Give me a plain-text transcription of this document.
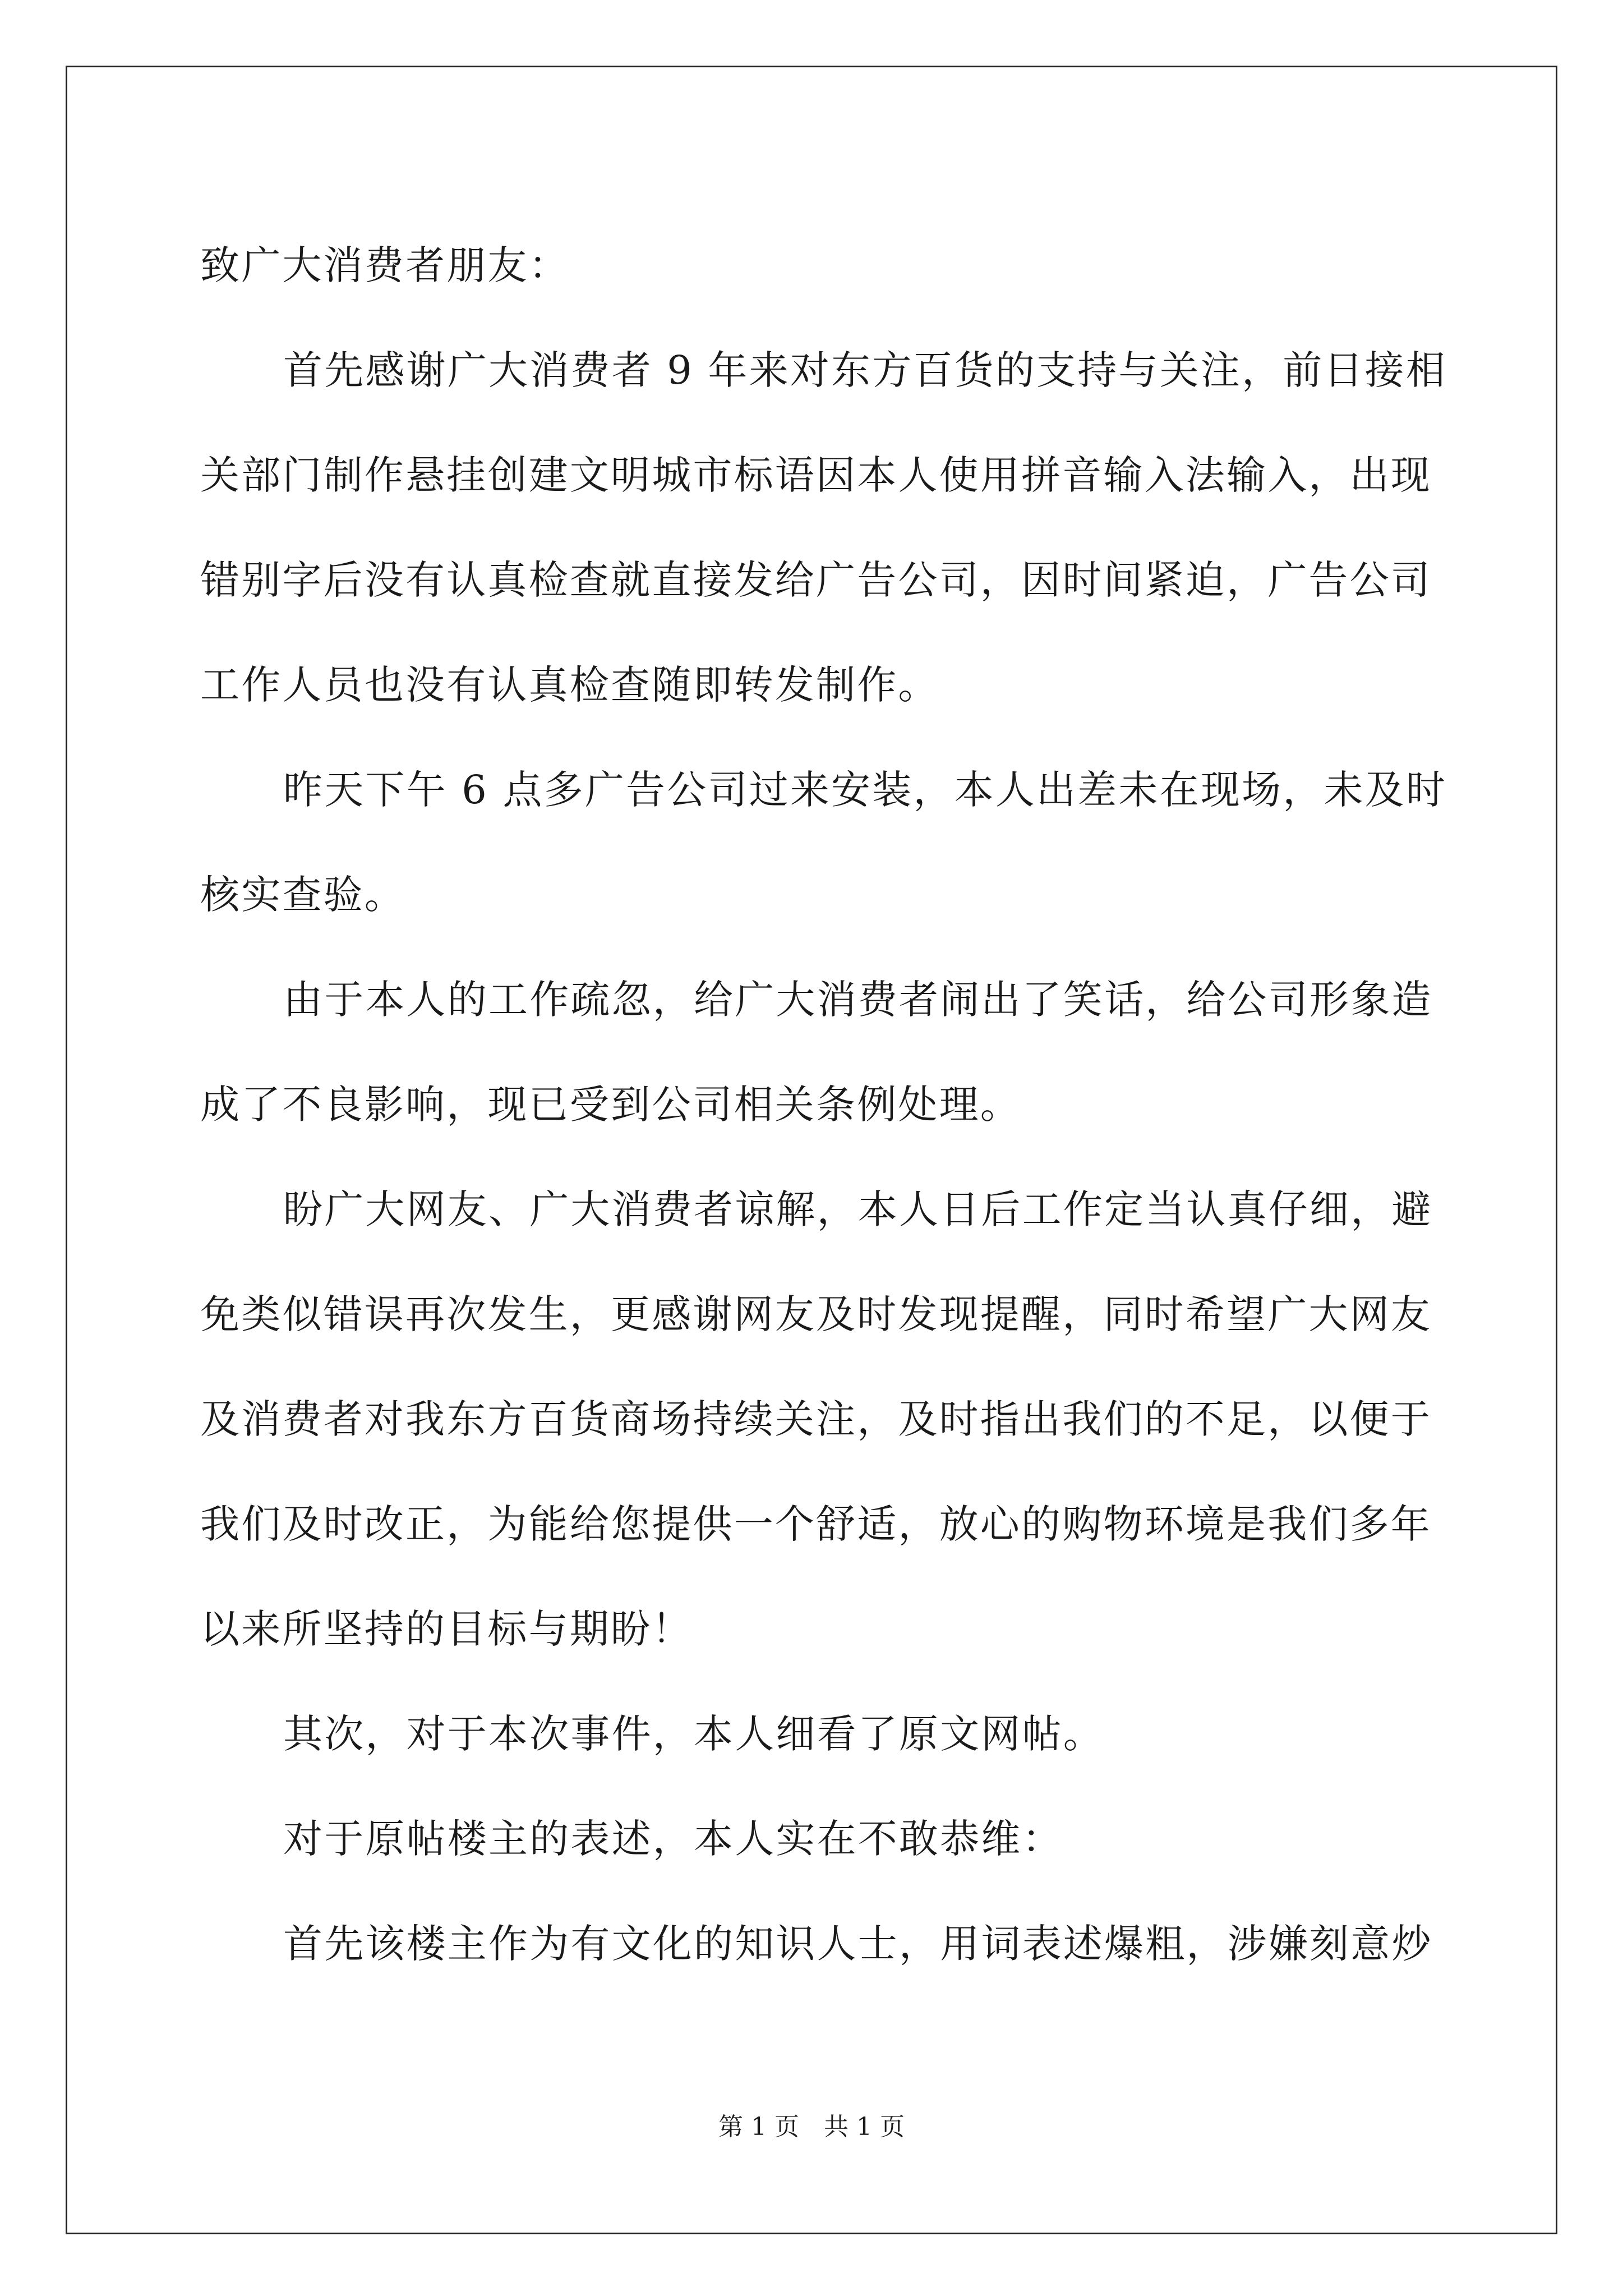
致广大消费者朋友：
首先感谢广大消费者 9 年来对东方百货的支持与关注，前日接相
关部门制作悬挂创建文明城市标语因本人使用拼音输入法输入，出现
错别字后没有认真检查就直接发给广告公司，因时间紧迫，广告公司
工作人员也没有认真检查随即转发制作。
昨天下午 6 点多广告公司过来安装，本人出差未在现场，未及时
核实查验。
由于本人的工作疏忽，给广大消费者闹出了笑话，给公司形象造
成了不良影响，现已受到公司相关条例处理。
盼广大网友、广大消费者谅解，本人日后工作定当认真仔细，避
免类似错误再次发生，更感谢网友及时发现提醒，同时希望广大网友
及消费者对我东方百货商场持续关注，及时指出我们的不足，以便于
我们及时改正，为能给您提供一个舒适，放心的购物环境是我们多年
以来所坚持的目标与期盼！
其次，对于本次事件，本人细看了原文网帖。
对于原帖楼主的表述，本人实在不敢恭维：
首先该楼主作为有文化的知识人士，用词表述爆粗，涉嫌刻意炒
第 1 页　共 1 页
